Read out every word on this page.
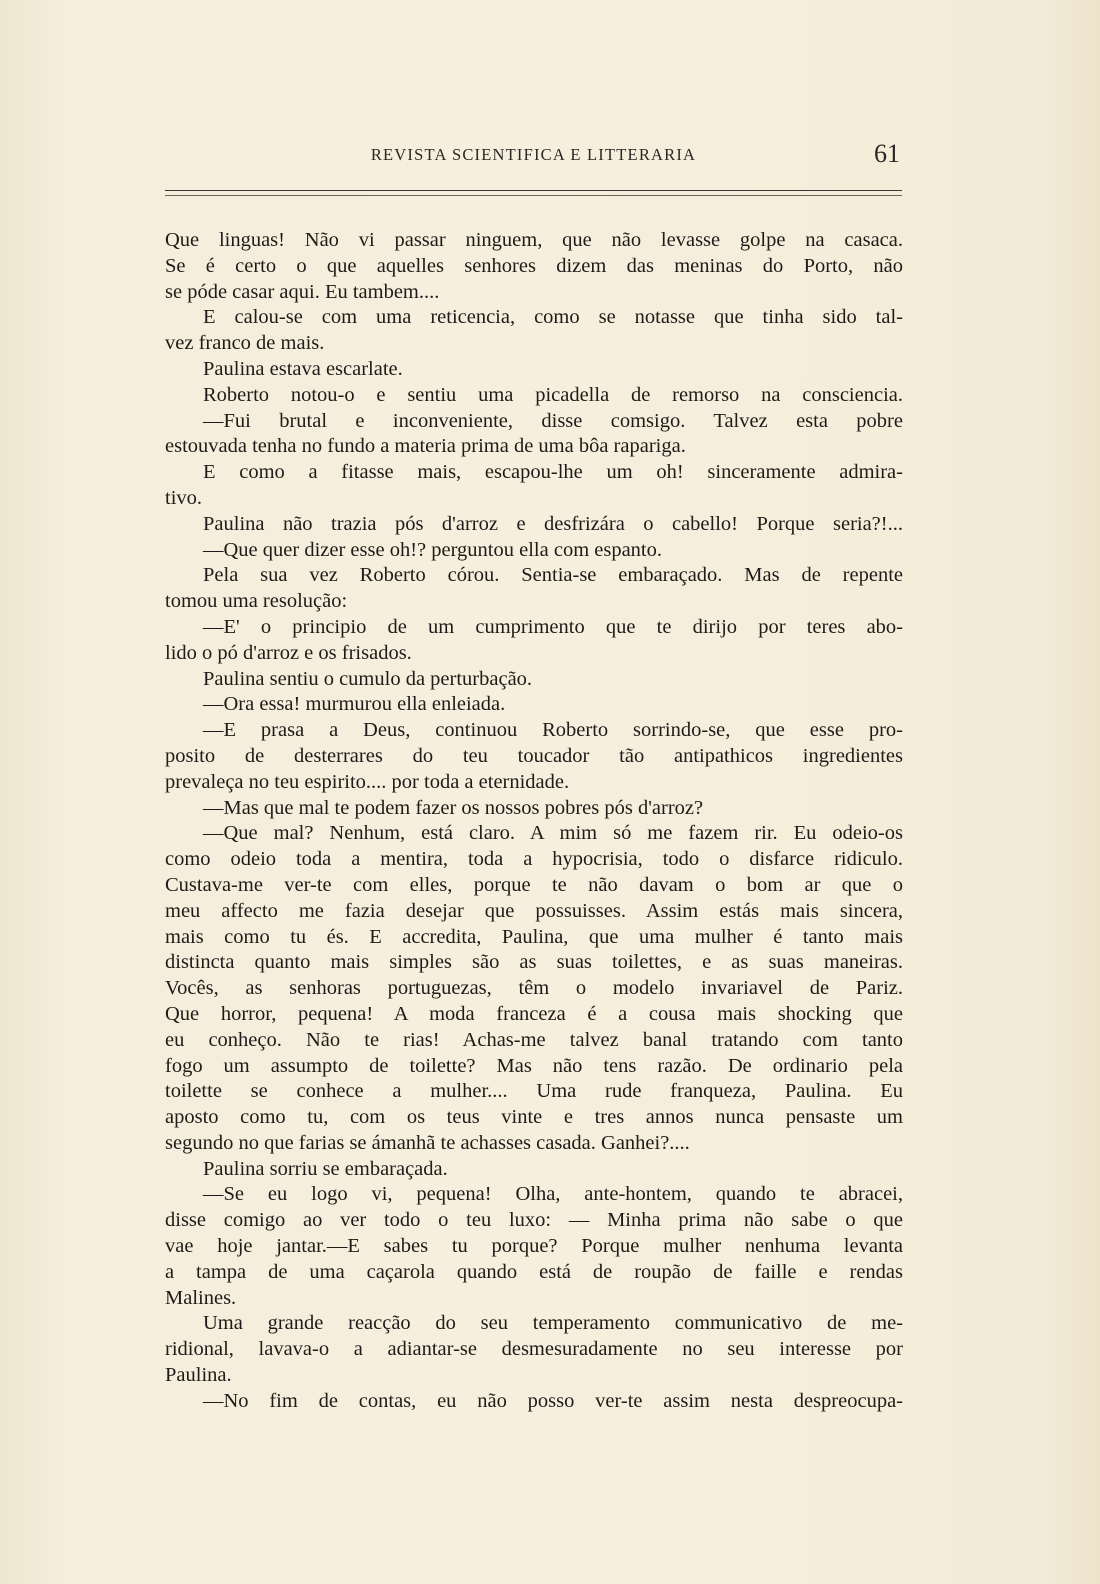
REVISTA SCIENTIFICA E LITTERARIA	61
Que linguas! Não vi passar ninguem, que não levasse golpe na casaca.
Se é certo o que aquelles senhores dizem das meninas do Porto, não
se póde casar aqui. Eu tambem....
E calou-se com uma reticencia, como se notasse que tinha sido tal-
vez franco de mais.
Paulina estava escarlate.
Roberto notou-o e sentiu uma picadella de remorso na consciencia.
—Fui brutal e inconveniente, disse comsigo. Talvez esta pobre
estouvada tenha no fundo a materia prima de uma bôa rapariga.
E como a fitasse mais, escapou-lhe um oh! sinceramente admira-
tivo.
Paulina não trazia pós d'arroz e desfrizára o cabello! Porque seria?!...
—Que quer dizer esse oh!? perguntou ella com espanto.
Pela sua vez Roberto córou. Sentia-se embaraçado. Mas de repente
tomou uma resolução:
—E' o principio de um cumprimento que te dirijo por teres abo-
lido o pó d'arroz e os frisados.
Paulina sentiu o cumulo da perturbação.
—Ora essa! murmurou ella enleiada.
—E prasa a Deus, continuou Roberto sorrindo-se, que esse pro-
posito de desterrares do teu toucador tão antipathicos ingredientes
prevaleça no teu espirito.... por toda a eternidade.
—Mas que mal te podem fazer os nossos pobres pós d'arroz?
—Que mal? Nenhum, está claro. A mim só me fazem rir. Eu odeio-os
como odeio toda a mentira, toda a hypocrisia, todo o disfarce ridiculo.
Custava-me ver-te com elles, porque te não davam o bom ar que o
meu affecto me fazia desejar que possuisses. Assim estás mais sincera,
mais como tu és. E accredita, Paulina, que uma mulher é tanto mais
distincta quanto mais simples são as suas toilettes, e as suas maneiras.
Vocês, as senhoras portuguezas, têm o modelo invariavel de Pariz.
Que horror, pequena! A moda franceza é a cousa mais shocking que
eu conheço. Não te rias! Achas-me talvez banal tratando com tanto
fogo um assumpto de toilette? Mas não tens razão. De ordinario pela
toilette se conhece a mulher.... Uma rude franqueza, Paulina. Eu
aposto como tu, com os teus vinte e tres annos nunca pensaste um
segundo no que farias se ámanhã te achasses casada. Ganhei?....
Paulina sorriu se embaraçada.
—Se eu logo vi, pequena! Olha, ante-hontem, quando te abracei,
disse comigo ao ver todo o teu luxo: — Minha prima não sabe o que
vae hoje jantar.—E sabes tu porque? Porque mulher nenhuma levanta
a tampa de uma caçarola quando está de roupão de faille e rendas
Malines.
Uma grande reacção do seu temperamento communicativo de me-
ridional, lavava-o a adiantar-se desmesuradamente no seu interesse por
Paulina.
—No fim de contas, eu não posso ver-te assim nesta despreocupa-
